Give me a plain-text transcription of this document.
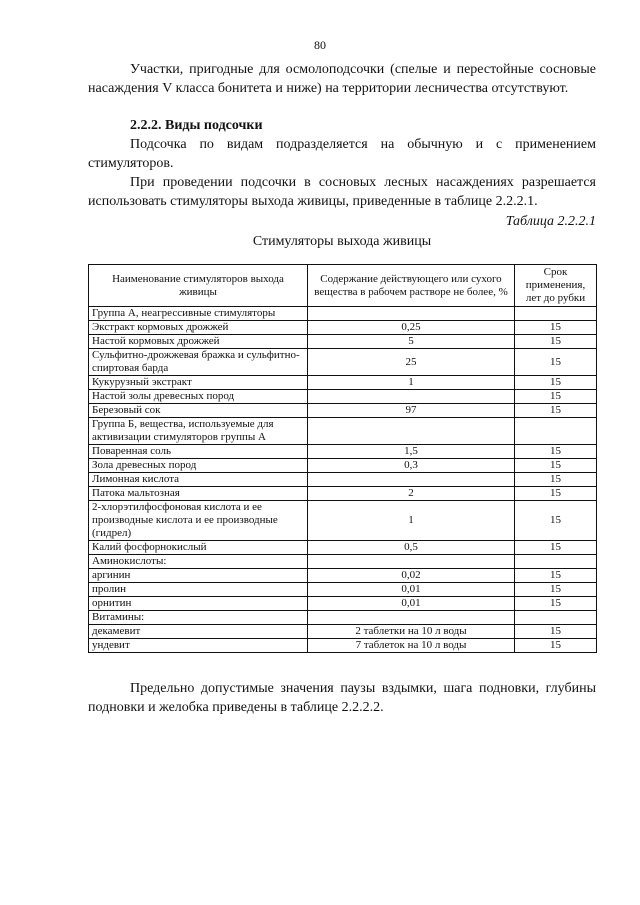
80

Участки, пригодные для осмолоподсочки (спелые и перестойные сосновые насаждения V класса бонитета и ниже) на территории лесничества отсутствуют.

2.2.2. Виды подсочки

Подсочка по видам подразделяется на обычную и с применением стимуляторов.

При проведении подсочки в сосновых лесных насаждениях разрешается использовать стимуляторы выхода живицы, приведенные в таблице 2.2.2.1.

Таблица 2.2.2.1

Стимуляторы выхода живицы

Наименование стимуляторов выхода живицы	Содержание действующего или сухого вещества в рабочем растворе не более, %	Срок применения, лет до рубки
Группа А, неагрессивные стимуляторы		
Экстракт кормовых дрожжей	0,25	15
Настой кормовых дрожжей	5	15
Сульфитно-дрожжевая бражка и сульфитно-спиртовая барда	25	15
Кукурузный экстракт	1	15
Настой золы древесных пород		15
Березовый сок	97	15
Группа Б, вещества, используемые для активизации стимуляторов группы А		
Поваренная соль	1,5	15
Зола древесных пород	0,3	15
Лимонная кислота		15
Патока мальтозная	2	15
2-хлорэтилфосфоновая кислота и ее производные кислота и ее производные (гидрел)	1	15
Калий фосфорнокислый	0,5	15
Аминокислоты:		
аргинин	0,02	15
пролин	0,01	15
орнитин	0,01	15
Витамины:		
декамевит	2 таблетки на 10 л воды	15
ундевит	7 таблеток на 10 л воды	15

Предельно допустимые значения паузы вздымки, шага подновки, глубины подновки и желобка приведены в таблице 2.2.2.2.
